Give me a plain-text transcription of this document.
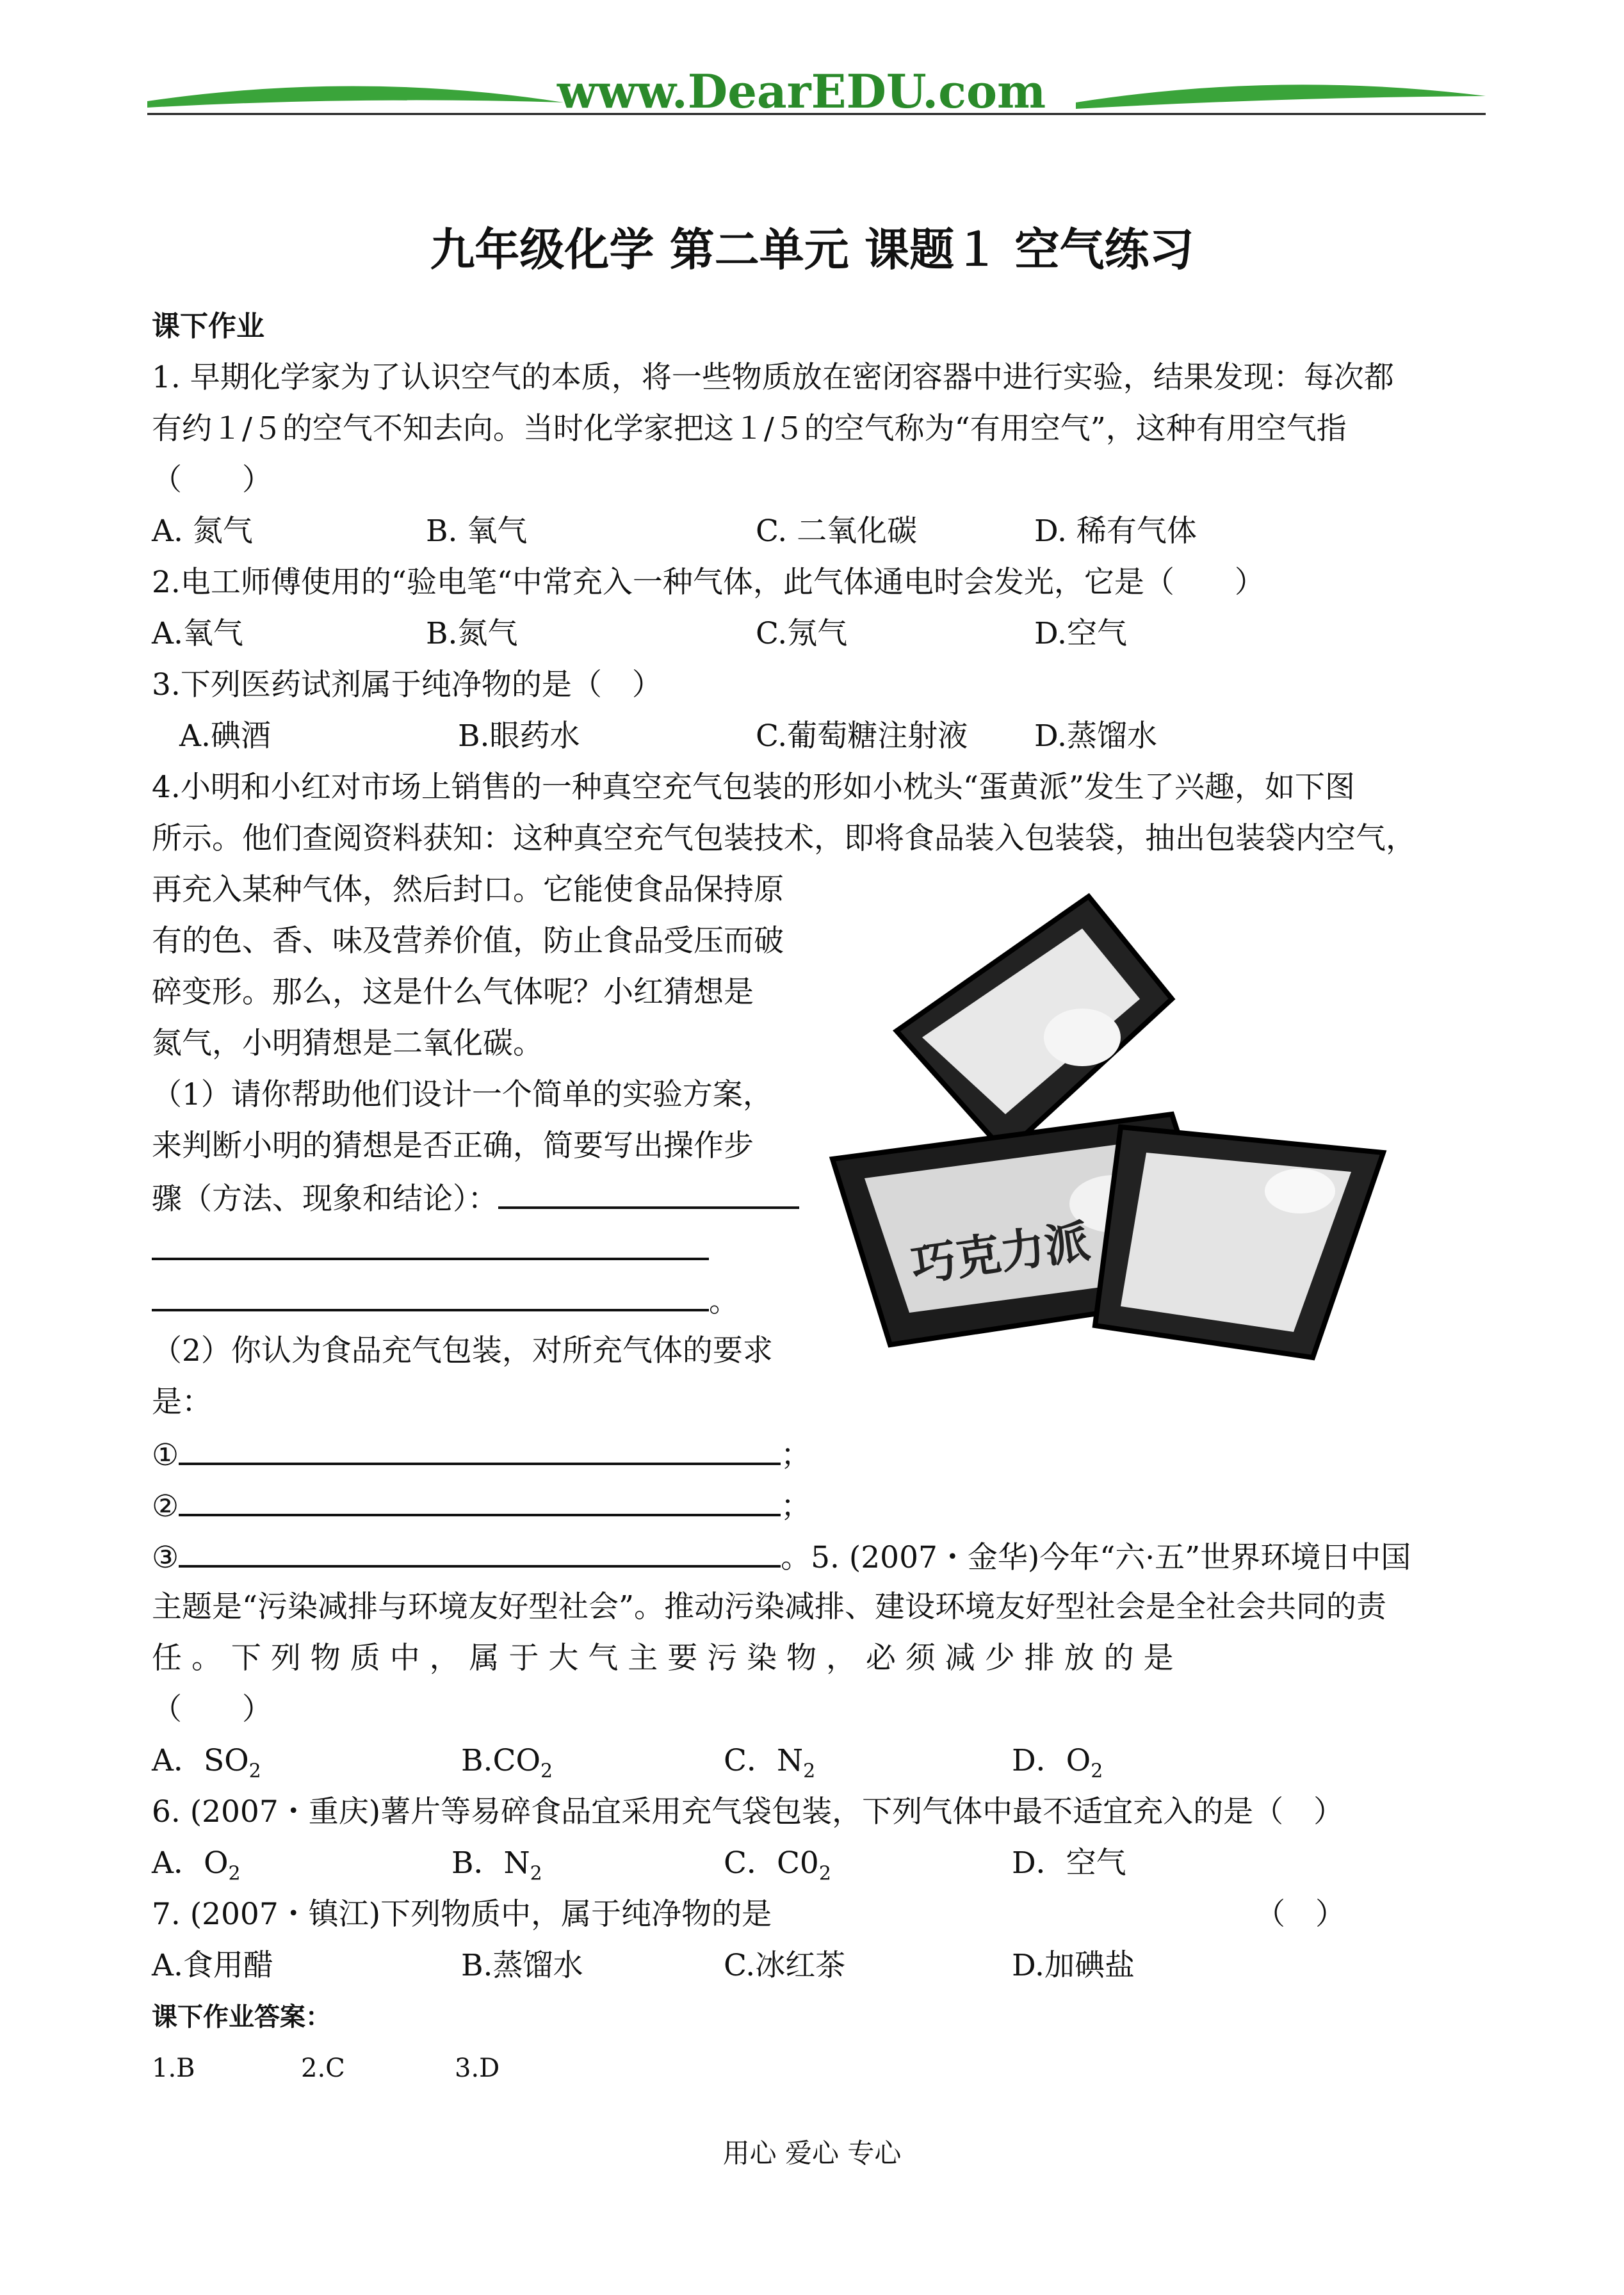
www.DearEDU.com
九年级化学 第二单元 课题１ 空气练习
课下作业
1. 早期化学家为了认识空气的本质，将一些物质放在密闭容器中进行实验，结果发现：每次都
有约１/５的空气不知去向。当时化学家把这１/５的空气称为“有用空气”，这种有用空气指
（　　）
A. 氮气	B. 氧气	C. 二氧化碳	D. 稀有气体
2.电工师傅使用的“验电笔“中常充入一种气体，此气体通电时会发光，它是（　　）
A.氧气	B.氮气	C.氖气	D.空气
3.下列医药试剂属于纯净物的是（　）
A.碘酒	B.眼药水	C.葡萄糖注射液 D.蒸馏水
4.小明和小红对市场上销售的一种真空充气包装的形如小枕头“蛋黄派”发生了兴趣，如下图
所示。他们查阅资料获知：这种真空充气包装技术，即将食品装入包装袋，抽出包装袋内空气，
再充入某种气体，然后封口。它能使食品保持原
有的色、香、味及营养价值，防止食品受压而破
碎变形。那么，这是什么气体呢？小红猜想是
氮气，小明猜想是二氧化碳。
（1）请你帮助他们设计一个简单的实验方案，
来判断小明的猜想是否正确，简要写出操作步
骤（方法、现象和结论）：
。
（2）你认为食品充气包装，对所充气体的要求
是：
①	；
②	；
③	。5. (2007・金华)今年“六·五”世界环境日中国
巧克力派
主题是“污染减排与环境友好型社会”。推动污染减排、建设环境友好型社会是全社会共同的责
任 。 下 列 物 质 中 ， 属 于 大 气 主 要 污 染 物 ， 必 须 减 少 排 放 的 是
（　　）
A．$SO_2$	$B.CO_2$	C．$N_2$	D．$O_2$
6. (2007・重庆)薯片等易碎食品宜采用充气袋包装，下列气体中最不适宜充入的是（　）
A．$O_2$	B．$N_2$	C．$C0_2$	D．空气
7. (2007・镇江)下列物质中，属于纯净物的是	（　）
A.食用醋	B.蒸馏水	C.冰红茶	D.加碘盐
课下作业答案：
1.B	2.C	3.D
用心 爱心 专心
